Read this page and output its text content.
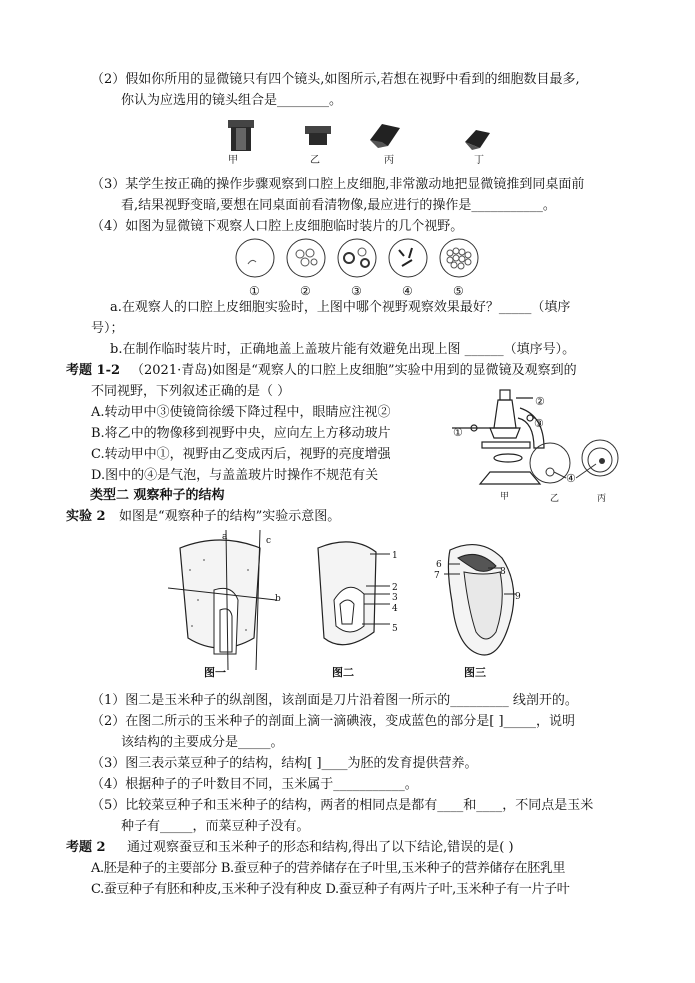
（2）假如你所用的显微镜只有四个镜头,如图所示,若想在视野中看到的细胞数目最多,
你认为应选用的镜头组合是________。
甲	乙	丙	丁
（3）某学生按正确的操作步骤观察到口腔上皮细胞,非常激动地把显微镜推到同桌面前
看,结果视野变暗,要想在同桌面前看清物像,最应进行的操作是___________。
（4）如图为显微镜下观察人口腔上皮细胞临时装片的几个视野。
①	②	③	④	⑤
a.在观察人的口腔上皮细胞实验时，上图中哪个视野观察效果最好？_____（填序
号）；
b.在制作临时装片时，正确地盖上盖玻片能有效避免出现上图 ______（填序号）。
考题 1-2 （2021·青岛)如图是“观察人的口腔上皮细胞”实验中用到的显微镜及观察到的
不同视野，下列叙述正确的是（ ）
A.转动甲中③使镜筒徐缓下降过程中，眼睛应注视②
B.将乙中的物像移到视野中央，应向左上方移动玻片
C.转动甲中①，视野由乙变成丙后，视野的亮度增强
D.图中的④是气泡，与盖盖玻片时操作不规范有关
①
②
③
④
甲	乙	丙
类型二 观察种子的结构
实验 2 如图是“观察种子的结构”实验示意图。
a
b
c
1
2
3
4
5
6
7	8
9
图一	图二	图三
（1）图二是玉米种子的纵剖图，该剖面是刀片沿着图一所示的_________ 线剖开的。
（2）在图二所示的玉米种子的剖面上滴一滴碘液，变成蓝色的部分是[ ]_____，说明
该结构的主要成分是_____。
（3）图三表示菜豆种子的结构，结构[ ]____为胚的发育提供营养。
（4）根据种子的子叶数目不同，玉米属于___________。
（5）比较菜豆种子和玉米种子的结构，两者的相同点是都有____和____，不同点是玉米
种子有_____，而菜豆种子没有。
考题 2 通过观察蚕豆和玉米种子的形态和结构,得出了以下结论,错误的是( )
A.胚是种子的主要部分 B.蚕豆种子的营养储存在子叶里,玉米种子的营养储存在胚乳里
C.蚕豆种子有胚和种皮,玉米种子没有种皮 D.蚕豆种子有两片子叶,玉米种子有一片子叶
